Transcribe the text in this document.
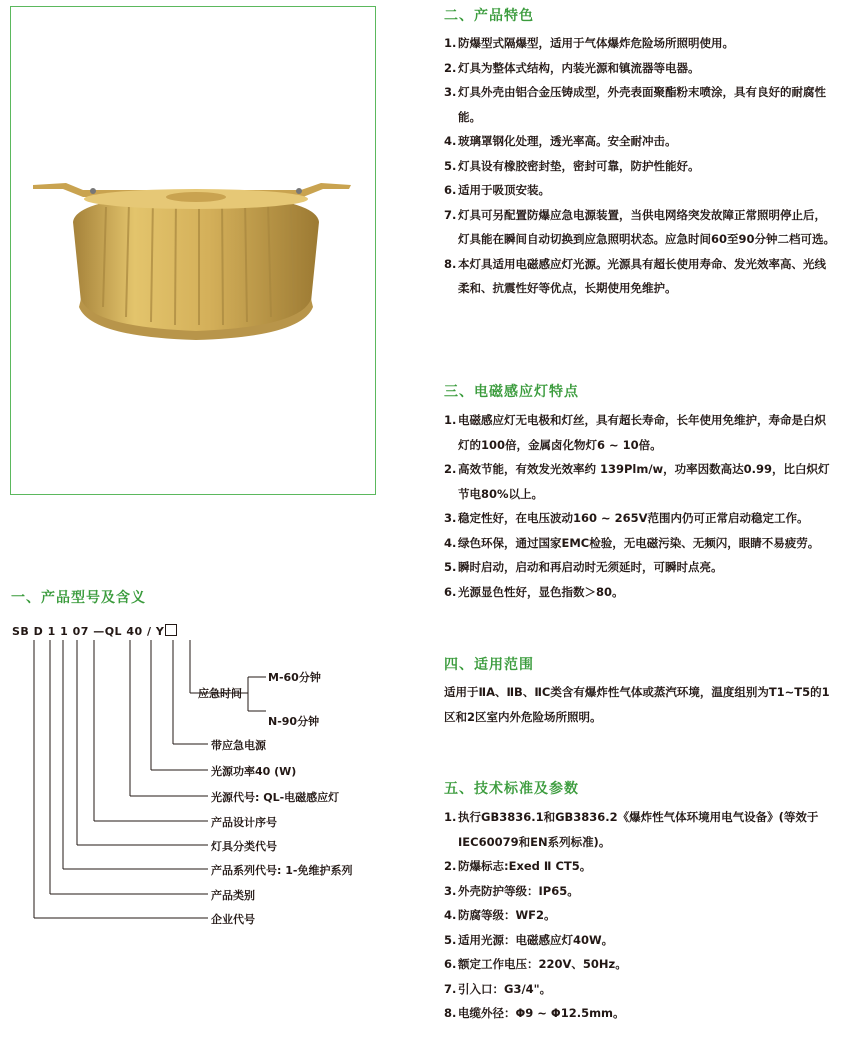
二、产品特色
1. 防爆型式隔爆型，适用于气体爆炸危险场所照明使用。
2. 灯具为整体式结构，内装光源和镇流器等电器。
3. 灯具外壳由铝合金压铸成型，外壳表面聚酯粉末喷涂，具有良好的耐腐性能。
4. 玻璃罩钢化处理，透光率高。安全耐冲击。
5. 灯具设有橡胶密封垫，密封可靠，防护性能好。
6. 适用于吸顶安装。
7. 灯具可另配置防爆应急电源装置，当供电网络突发故障正常照明停止后，灯具能在瞬间自动切换到应急照明状态。应急时间60至90分钟二档可选。
8. 本灯具适用电磁感应灯光源。光源具有超长使用寿命、发光效率高、光线柔和、抗震性好等优点，长期使用免维护。
三、电磁感应灯特点
1. 电磁感应灯无电极和灯丝，具有超长寿命，长年使用免维护，寿命是白炽灯的100倍，金属卤化物灯6 ~ 10倍。
2. 高效节能，有效发光效率约 139Plm/w，功率因数高达0.99，比白炽灯节电80%以上。
3. 稳定性好，在电压波动160 ~ 265V范围内仍可正常启动稳定工作。
4. 绿色环保，通过国家EMC检验，无电磁污染、无频闪，眼睛不易疲劳。
5. 瞬时启动，启动和再启动时无须延时，可瞬时点亮。
6. 光源显色性好，显色指数＞80。
四、适用范围

适用于ⅡA、ⅡB、ⅡC类含有爆炸性气体或蒸汽环境，温度组别为T1~T5的1区和2区室内外危险场所照明。

五、技术标准及参数
1. 执行GB3836.1和GB3836.2《爆炸性气体环境用电气设备》(等效于IEC60079和EN系列标准)。
2. 防爆标志:Exed Ⅱ CT5。
3. 外壳防护等级：IP65。
4. 防腐等级：WF2。
5. 适用光源：电磁感应灯40W。
6. 额定工作电压：220V、50Hz。
7. 引入口：G3/4"。
8. 电缆外径：Φ9 ~ Φ12.5mm。
一、产品型号及含义
SB D 1 1 07 —QL 40 / Y
应急时间
M-60分钟
N-90分钟
带应急电源
光源功率40 (W)
光源代号: QL-电磁感应灯
产品设计序号
灯具分类代号
产品系列代号: 1-免维护系列
产品类别
企业代号
